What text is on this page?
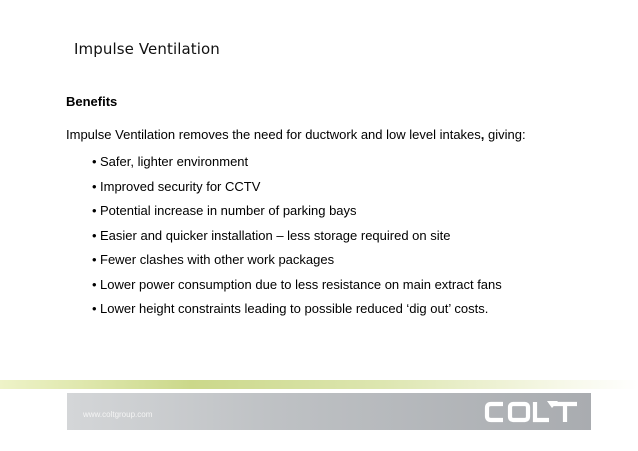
Impulse Ventilation
Benefits
Impulse Ventilation removes the need for ductwork and low level intakes, giving:
• Safer, lighter environment
• Improved security for CCTV
• Potential increase in number of parking bays
• Easier and quicker installation – less storage required on site
• Fewer clashes with other work packages
• Lower power consumption due to less resistance on main extract fans
• Lower height constraints leading to possible reduced ‘dig out’ costs.
www.coltgroup.com
